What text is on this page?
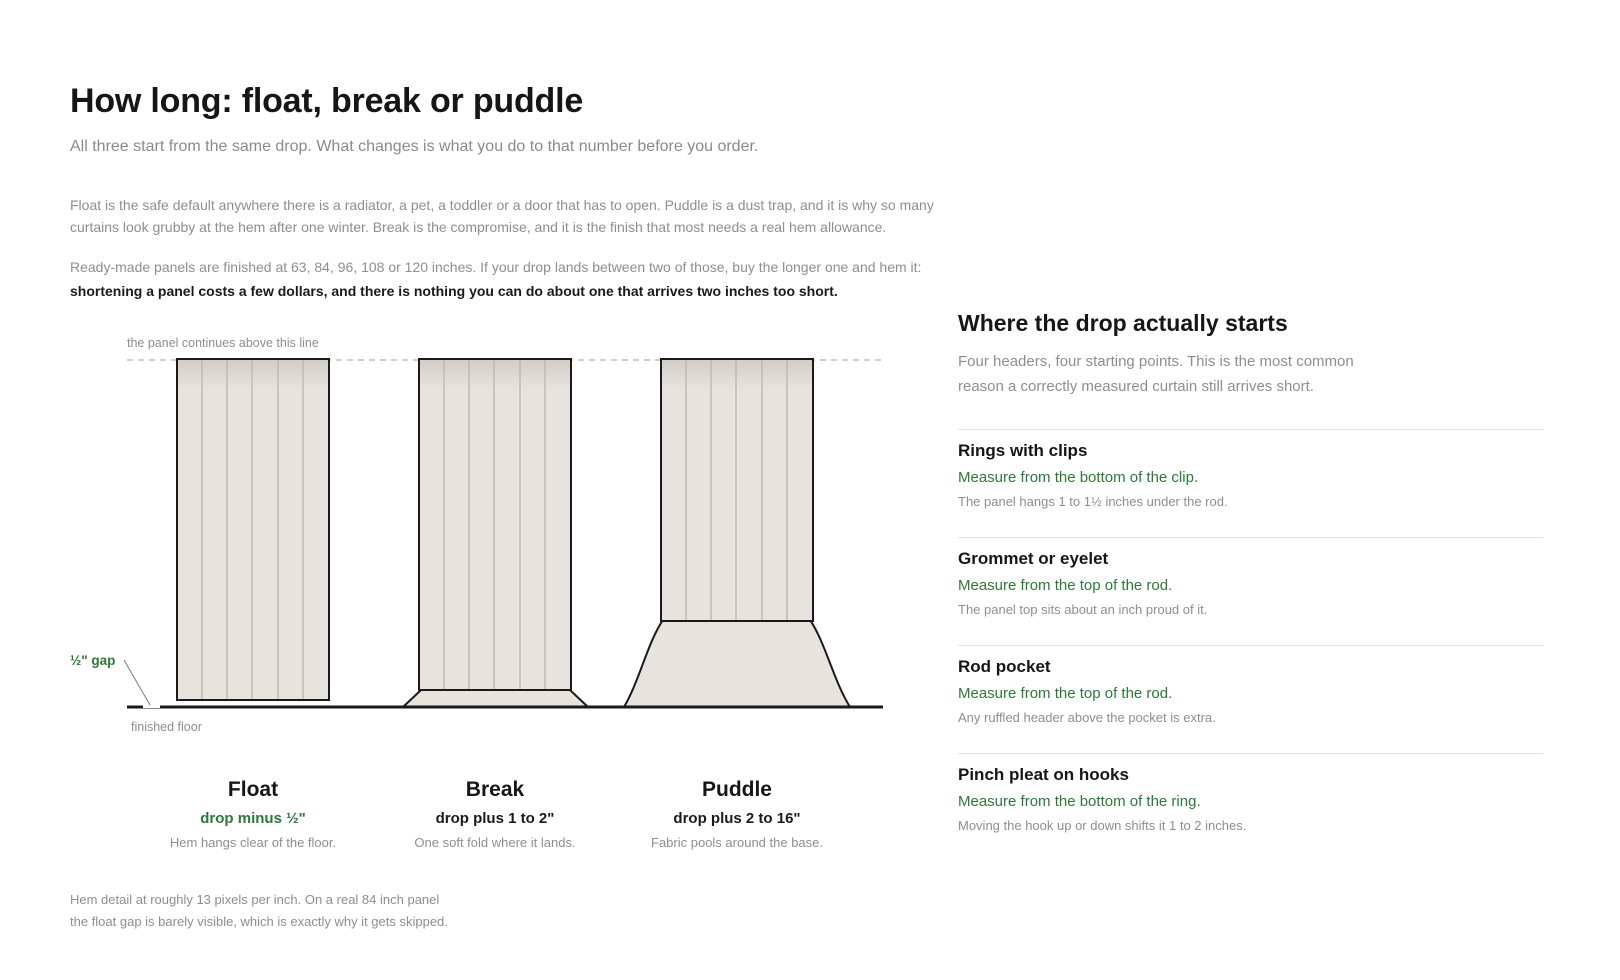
How long: float, break or puddle
All three start from the same drop. What changes is what you do to that number before you order.
Float is the safe default anywhere there is a radiator, a pet, a toddler or a door that has to open. Puddle is a dust trap, and it is why so many curtains look grubby at the hem after one winter. Break is the compromise, and it is the finish that most needs a real hem allowance.
Ready-made panels are finished at 63, 84, 96, 108 or 120 inches. If your drop lands between two of those, buy the longer one and hem it:
shortening a panel costs a few dollars, and there is nothing you can do about one that arrives two inches too short.
the panel continues above this line
½" gap
finished floor
Float
drop minus ½"
Hem hangs clear of the floor.
Break
drop plus 1 to 2"
One soft fold where it lands.
Puddle
drop plus 2 to 16"
Fabric pools around the base.
Hem detail at roughly 13 pixels per inch. On a real 84 inch panel
the float gap is barely visible, which is exactly why it gets skipped.
Where the drop actually starts
Four headers, four starting points. This is the most common
reason a correctly measured curtain still arrives short.
Rings with clips
Measure from the bottom of the clip.
The panel hangs 1 to 1½ inches under the rod.
Grommet or eyelet
Measure from the top of the rod.
The panel top sits about an inch proud of it.
Rod pocket
Measure from the top of the rod.
Any ruffled header above the pocket is extra.
Pinch pleat on hooks
Measure from the bottom of the ring.
Moving the hook up or down shifts it 1 to 2 inches.
